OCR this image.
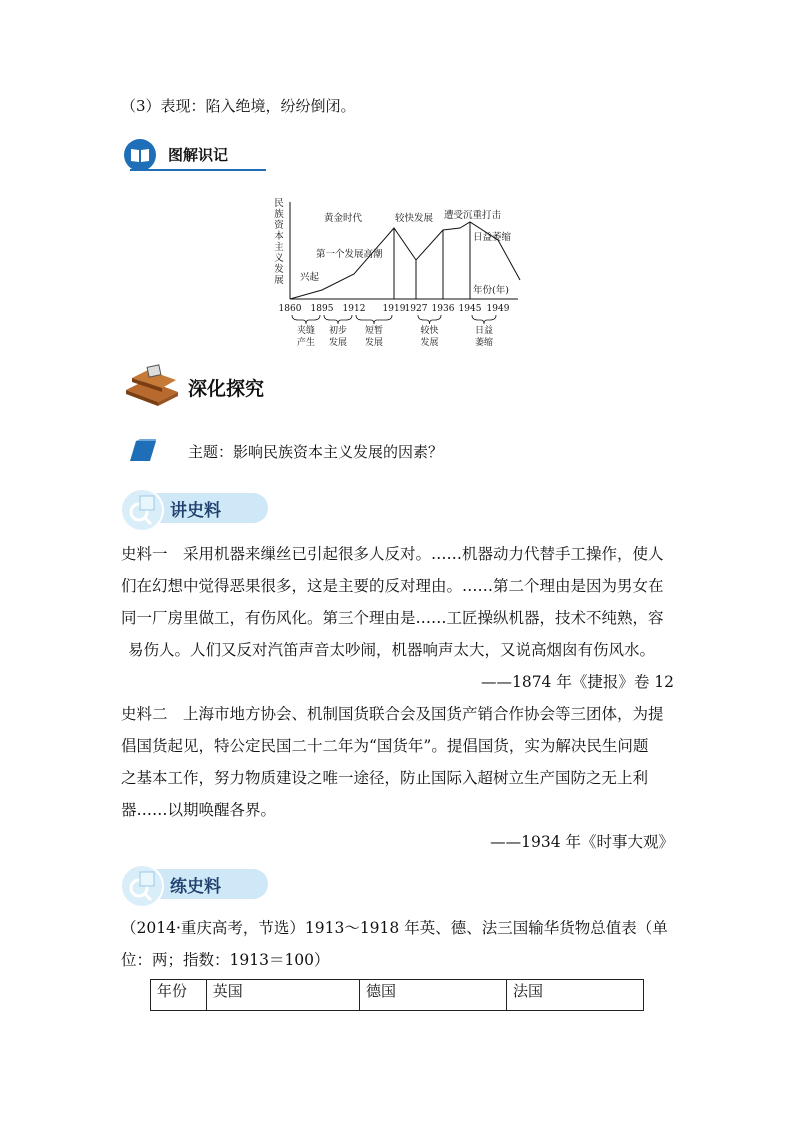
（3）表现：陷入绝境，纷纷倒闭。
图解识记
民
族
资
本
主
义
发
展 兴起
第一个发展高潮
黄金时代	较快发展 遭受沉重打击
日益萎缩
年份(年)
1860 1895 1912 1919 1927 1936 1945 1949
夹缝
产生
初步
发展
短暂
发展
较快
发展
日益
萎缩
深化探究
主题：影响民族资本主义发展的因素？
讲史料
史料一　采用机器来缫丝已引起很多人反对。……机器动力代替手工操作，使人
们在幻想中觉得恶果很多，这是主要的反对理由。……第二个理由是因为男女在
同一厂房里做工，有伤风化。第三个理由是……工匠操纵机器，技术不纯熟，容
易伤人。人们又反对汽笛声音太吵闹，机器响声太大，又说高烟囱有伤风水。
——1874 年《捷报》卷 12
史料二　上海市地方协会、机制国货联合会及国货产销合作协会等三团体，为提
倡国货起见，特公定民国二十二年为“国货年”。提倡国货，实为解决民生问题
之基本工作，努力物质建设之唯一途径，防止国际入超树立生产国防之无上利
器……以期唤醒各界。
——1934 年《时事大观》
练史料
（2014·重庆高考，节选）1913～1918 年英、德、法三国输华货物总值表（单
位：两；指数：1913＝100）
年份	英国	德国	法国
